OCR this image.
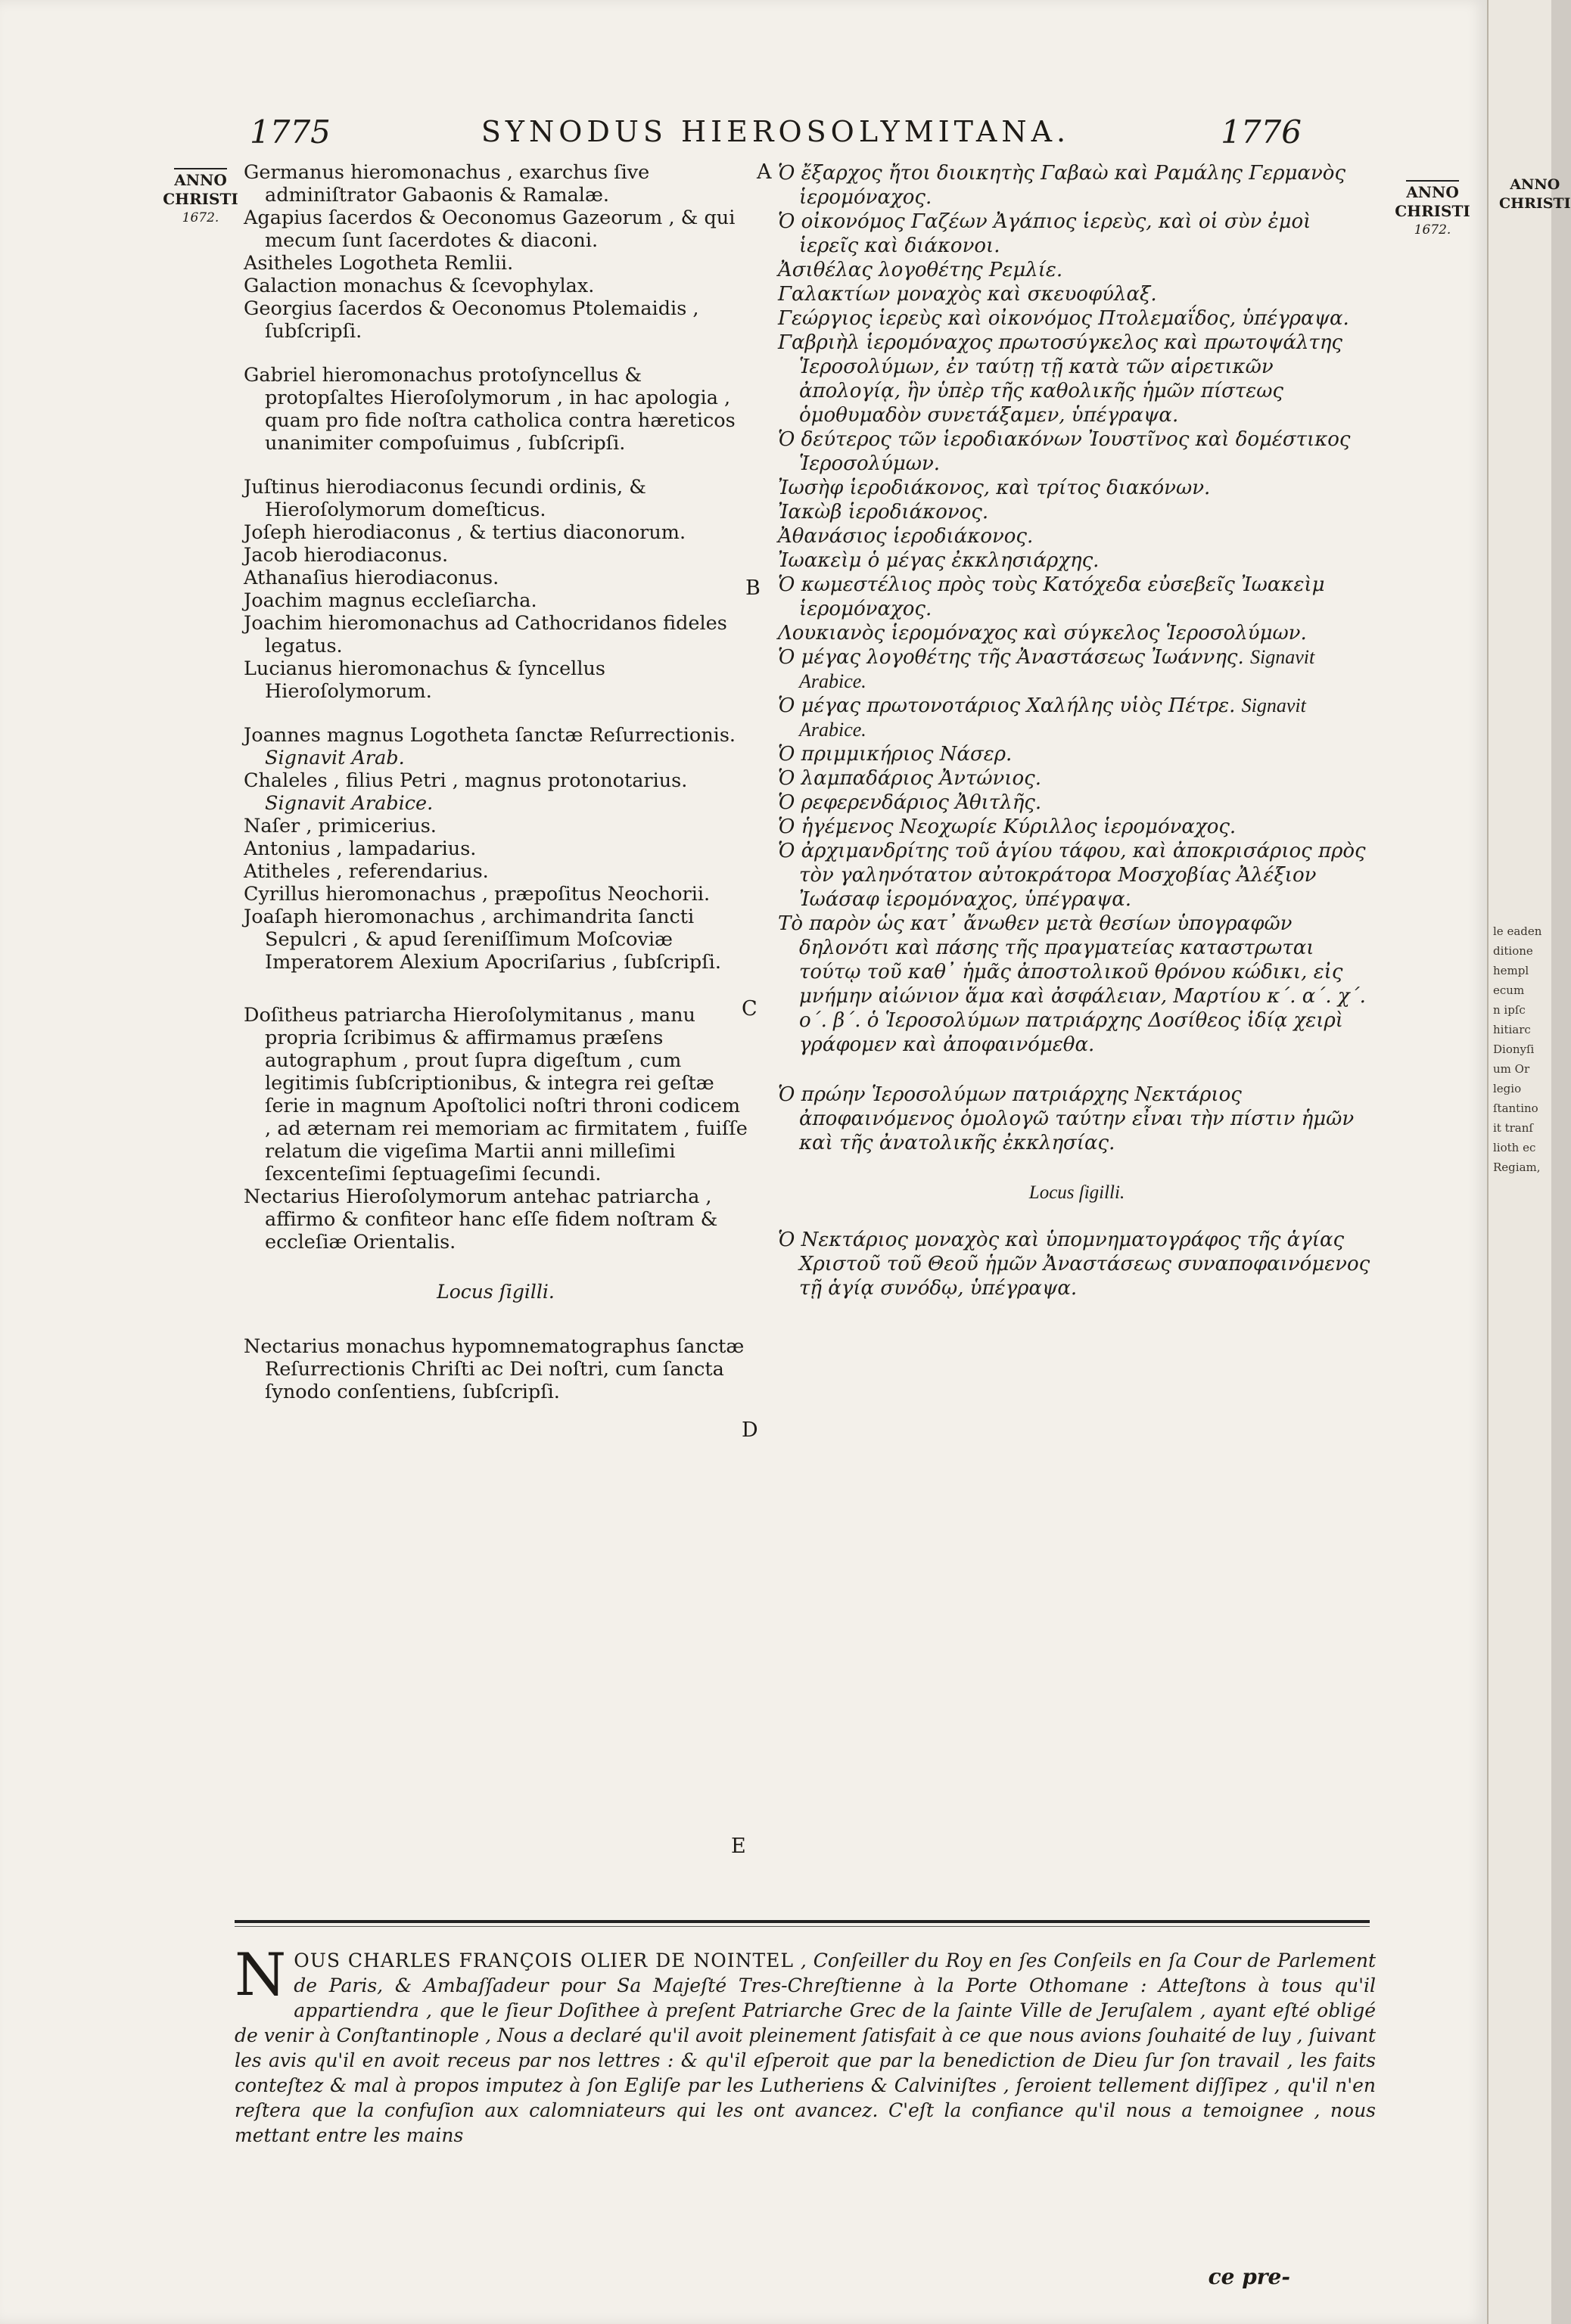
1775	SYNODUS HIEROSOLYMITANA.	1776
ANNO
CHRISTI
1672.
ANNO
CHRISTI
1672.
A
B
C
D
E
Germanus hieromonachus , exarchus ſive adminiſtrator Gabaonis & Ramalæ.
Agapius ſacerdos & Oeconomus Gazeorum , & qui mecum ſunt ſacerdotes & diaconi.
Asitheles Logotheta Remlii.
Galaction monachus & ſcevophylax.
Georgius ſacerdos & Oeconomus Ptolemaidis , ſubſcripſi.
Gabriel hieromonachus protoſyncellus & protopſaltes Hieroſolymorum , in hac apologia , quam pro fide noſtra catholica contra hæreticos unanimiter compoſuimus , ſubſcripſi.
Juſtinus hierodiaconus ſecundi ordinis, & Hieroſolymorum domeſticus.
Joſeph hierodiaconus , & tertius diaconorum.
Jacob hierodiaconus.
Athanaſius hierodiaconus.
Joachim magnus eccleſiarcha.
Joachim hieromonachus ad Cathocridanos fideles legatus.
Lucianus hieromonachus & ſyncellus Hieroſolymorum.
Joannes magnus Logotheta ſanctæ Reſurrectionis. Signavit Arab.
Chaleles , filius Petri , magnus protonotarius. Signavit Arabice.
Naſer , primicerius.
Antonius , lampadarius.
Atitheles , referendarius.
Cyrillus hieromonachus , præpoſitus Neochorii.
Joaſaph hieromonachus , archimandrita ſancti Sepulcri , & apud ſereniſſimum Moſcoviæ Imperatorem Alexium Apocriſarius , ſubſcripſi.
Doſitheus patriarcha Hieroſolymitanus , manu propria ſcribimus & affirmamus præſens autographum , prout ſupra digeſtum , cum legitimis ſubſcriptionibus, & integra rei geſtæ ſerie in magnum Apoſtolici noſtri throni codicem , ad æternam rei memoriam ac firmitatem , fuiſſe relatum die vigeſima Martii anni milleſimi ſexcenteſimi ſeptuageſimi ſecundi.
Nectarius Hieroſolymorum antehac patriarcha , affirmo & confiteor hanc eſſe fidem noſtram & eccleſiæ Orientalis.
Locus ſigilli.
Nectarius monachus hypomnematographus ſanctæ Reſurrectionis Chriſti ac Dei noſtri, cum ſancta ſynodo conſentiens, ſubſcripſi.
Ὁ ἔξαρχος ἤτοι διοικητὴς Γαβαὼ καὶ Ραμάλης Γερμανὸς ἱερομόναχος.
Ὁ οἰκονόμος Γαζέων Ἀγάπιος ἱερεὺς, καὶ οἱ σὺν ἐμοὶ ἱερεῖς καὶ διάκονοι.
Ἀσιθέλας λογοθέτης Ρεμλίε.
Γαλακτίων μοναχὸς καὶ σκευοφύλαξ.
Γεώργιος ἱερεὺς καὶ οἰκονόμος Πτολεμαΐδος, ὑπέγραψα.
Γαβριὴλ ἱερομόναχος πρωτοσύγκελος καὶ πρωτοψάλτης Ἱεροσολύμων, ἐν ταύτῃ τῇ κατὰ τῶν αἱρετικῶν ἀπολογίᾳ, ἣν ὑπὲρ τῆς καθολικῆς ἡμῶν πίστεως ὁμοθυμαδὸν συνετάξαμεν, ὑπέγραψα.
Ὁ δεύτερος τῶν ἱεροδιακόνων Ἰουστῖνος καὶ δομέστικος Ἱεροσολύμων.
Ἰωσὴφ ἱεροδιάκονος, καὶ τρίτος διακόνων.
Ἰακὼβ ἱεροδιάκονος.
Ἀθανάσιος ἱεροδιάκονος.
Ἰωακεὶμ ὁ μέγας ἐκκλησιάρχης.
Ὁ κωμεστέλιος πρὸς τοὺς Κατόχεδα εὐσεβεῖς Ἰωακεὶμ ἱερομόναχος.
Λουκιανὸς ἱερομόναχος καὶ σύγκελος Ἱεροσολύμων.
Ὁ μέγας λογοθέτης τῆς Ἀναστάσεως Ἰωάννης. Signavit Arabice.
Ὁ μέγας πρωτονοτάριος Χαλήλης υἱὸς Πέτρε. Signavit Arabice.
Ὁ πριμμικήριος Νάσερ.
Ὁ λαμπαδάριος Ἀντώνιος.
Ὁ ρεφερενδάριος Ἀθιτλῆς.
Ὁ ἡγέμενος Νεοχωρίε Κύριλλος ἱερομόναχος.
Ὁ ἀρχιμανδρίτης τοῦ ἁγίου τάφου, καὶ ἀποκρισάριος πρὸς τὸν γαληνότατον αὐτοκράτορα Μοσχοβίας Ἀλέξιον Ἰωάσαφ ἱερομόναχος, ὑπέγραψα.
Τὸ παρὸν ὡς κατ᾽ ἄνωθεν μετὰ θεσίων ὑπογραφῶν δηλονότι καὶ πάσης τῆς πραγματείας καταστρωται τούτῳ τοῦ καθ᾽ ἡμᾶς ἀποστολικοῦ θρόνου κώδικι, εἰς μνήμην αἰώνιον ἅμα καὶ ἀσφάλειαν, Μαρτίου κ΄. α΄. χ΄. ο΄. β΄. ὁ Ἱεροσολύμων πατριάρχης Δοσίθεος ἰδίᾳ χειρὶ γράφομεν καὶ ἀποφαινόμεθα.
Ὁ πρώην Ἱεροσολύμων πατριάρχης Νεκτάριος ἀποφαινόμενος ὁμολογῶ ταύτην εἶναι τὴν πίστιν ἡμῶν καὶ τῆς ἀνατολικῆς ἐκκλησίας.
Locus ſigilli.
Ὁ Νεκτάριος μοναχὸς καὶ ὑπομνηματογράφος τῆς ἁγίας Χριστοῦ τοῦ Θεοῦ ἡμῶν Ἀναστάσεως συναποφαινόμενος τῇ ἁγίᾳ συνόδῳ, ὑπέγραψα.
N OUS CHARLES FRANÇOIS OLIER DE NOINTEL , Conſeiller du Roy en ſes Conſeils en ſa Cour de Parlement de Paris, & Ambaſſadeur pour Sa Majeſté Tres-Chreſtienne à la Porte Othomane : Atteſtons à tous qu'il appartiendra , que le ſieur Doſithee à preſent Patriarche Grec de la ſainte Ville de Jeruſalem , ayant eſté obligé de venir à Conſtantinople , Nous a declaré qu'il avoit pleinement ſatisfait à ce que nous avions ſouhaité de luy , ſuivant les avis qu'il en avoit receus par nos lettres : & qu'il eſperoit que par la benediction de Dieu ſur ſon travail , les faits conteſtez & mal à propos imputez à ſon Egliſe par les Lutheriens & Calviniſtes , ſeroient tellement diſſipez , qu'il n'en reſtera que la confuſion aux calomniateurs qui les ont avancez. C'eſt la confiance qu'il nous a temoignee , nous mettant entre les mains
ce pre-
ANNO
CHRISTI
le eaden
ditione
hempl
ecum
n ipſc
hitiarc
Dionyſi
um Or
legio
ſtantino
it tranſ
lioth ec
Regiam,
